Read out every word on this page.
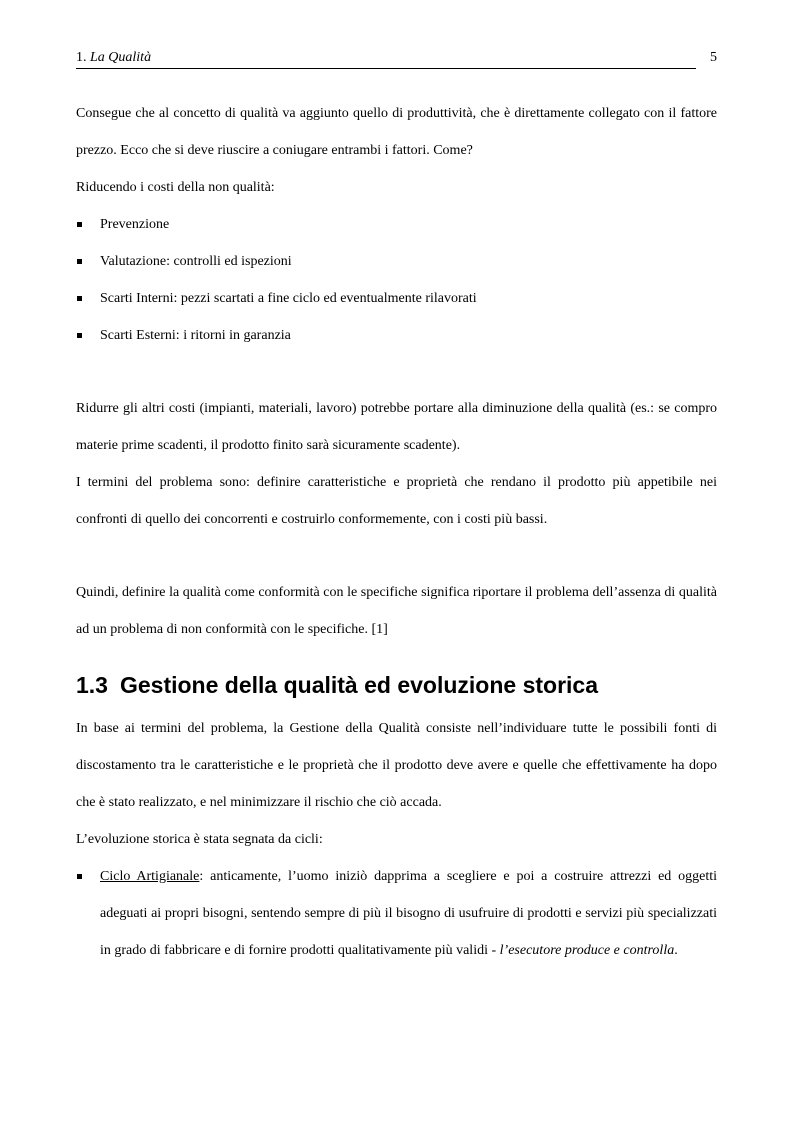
1. La Qualità	5

Consegue che al concetto di qualità va aggiunto quello di produttività, che è direttamente collegato con il fattore prezzo. Ecco che si deve riuscire a coniugare entrambi i fattori. Come?

Riducendo i costi della non qualità:

Prevenzione
Valutazione: controlli ed ispezioni
Scarti Interni: pezzi scartati a fine ciclo ed eventualmente rilavorati
Scarti Esterni: i ritorni in garanzia

Ridurre gli altri costi (impianti, materiali, lavoro) potrebbe portare alla diminuzione della qualità (es.: se compro materie prime scadenti, il prodotto finito sarà sicuramente scadente).

I termini del problema sono: definire caratteristiche e proprietà che rendano il prodotto più appetibile nei confronti di quello dei concorrenti e costruirlo conformemente, con i costi più bassi.

Quindi, definire la qualità come conformità con le specifiche significa riportare il problema dell’assenza di qualità ad un problema di non conformità con le specifiche. [1]

1.3 Gestione della qualità ed evoluzione storica

In base ai termini del problema, la Gestione della Qualità consiste nell’individuare tutte le possibili fonti di discostamento tra le caratteristiche e le proprietà che il prodotto deve avere e quelle che effettivamente ha dopo che è stato realizzato, e nel minimizzare il rischio che ciò accada.

L’evoluzione storica è stata segnata da cicli:

Ciclo Artigianale: anticamente, l’uomo iniziò dapprima a scegliere e poi a costruire attrezzi ed oggetti adeguati ai propri bisogni, sentendo sempre di più il bisogno di usufruire di prodotti e servizi più specializzati in grado di fabbricare e di fornire prodotti qualitativamente più validi - l’esecutore produce e controlla.
